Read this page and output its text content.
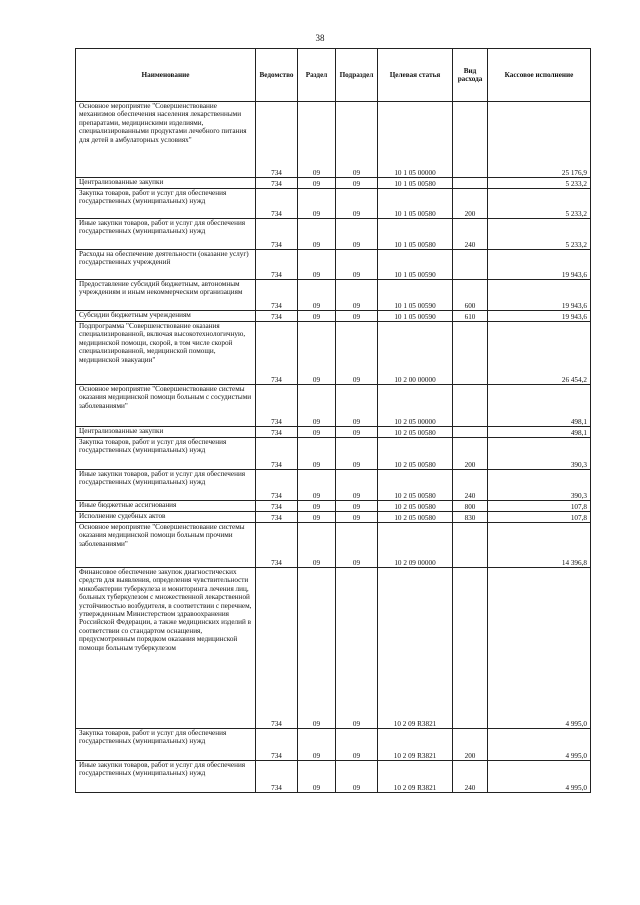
38
Наименование	Ведомство	Раздел	Подраздел	Целевая статья	Вид расхода	Кассовое исполнение
Основное мероприятие "Совершенствование механизмов обеспечения населения лекарственными препаратами, медицинскими изделиями, специализированными продуктами лечебного питания для детей в амбулаторных условиях"	734	09	09	10 1 05 00000		25 176,9
Централизованные закупки	734	09	09	10 1 05 00580		5 233,2
Закупка товаров, работ и услуг для обеспечения государственных (муниципальных) нужд	734	09	09	10 1 05 00580	200	5 233,2
Иные закупки товаров, работ и услуг для обеспечения государственных (муниципальных) нужд	734	09	09	10 1 05 00580	240	5 233,2
Расходы на обеспечение деятельности (оказание услуг) государственных учреждений	734	09	09	10 1 05 00590		19 943,6
Предоставление субсидий бюджетным, автономным учреждениям и иным некоммерческим организациям	734	09	09	10 1 05 00590	600	19 943,6
Субсидии бюджетным учреждениям	734	09	09	10 1 05 00590	610	19 943,6
Подпрограмма "Совершенствование оказания специализированной, включая высокотехнологичную, медицинской помощи, скорой, в том числе скорой специализированной, медицинской помощи, медицинской эвакуации"	734	09	09	10 2 00 00000		26 454,2
Основное мероприятие "Совершенствование системы оказания медицинской помощи больным с сосудистыми заболеваниями"	734	09	09	10 2 05 00000		498,1
Централизованные закупки	734	09	09	10 2 05 00580		498,1
Закупка товаров, работ и услуг для обеспечения государственных (муниципальных) нужд	734	09	09	10 2 05 00580	200	390,3
Иные закупки товаров, работ и услуг для обеспечения государственных (муниципальных) нужд	734	09	09	10 2 05 00580	240	390,3
Иные бюджетные ассигнования	734	09	09	10 2 05 00580	800	107,8
Исполнение судебных актов	734	09	09	10 2 05 00580	830	107,8
Основное мероприятие "Совершенствование системы оказания медицинской помощи больным прочими заболеваниями"	734	09	09	10 2 09 00000		14 396,8
Финансовое обеспечение закупок диагностических средств для выявления, определения чувствительности микобактерии туберкулеза и мониторинга лечения лиц, больных туберкулезом с множественной лекарственной устойчивостью возбудителя, в соответствии с перечнем, утвержденным Министерством здравоохранения Российской Федерации, а также медицинских изделий в соответствии со стандартом оснащения, предусмотренным порядком оказания медицинской помощи больным туберкулезом	734	09	09	10 2 09 R3821		4 995,0
Закупка товаров, работ и услуг для обеспечения государственных (муниципальных) нужд	734	09	09	10 2 09 R3821	200	4 995,0
Иные закупки товаров, работ и услуг для обеспечения государственных (муниципальных) нужд	734	09	09	10 2 09 R3821	240	4 995,0
